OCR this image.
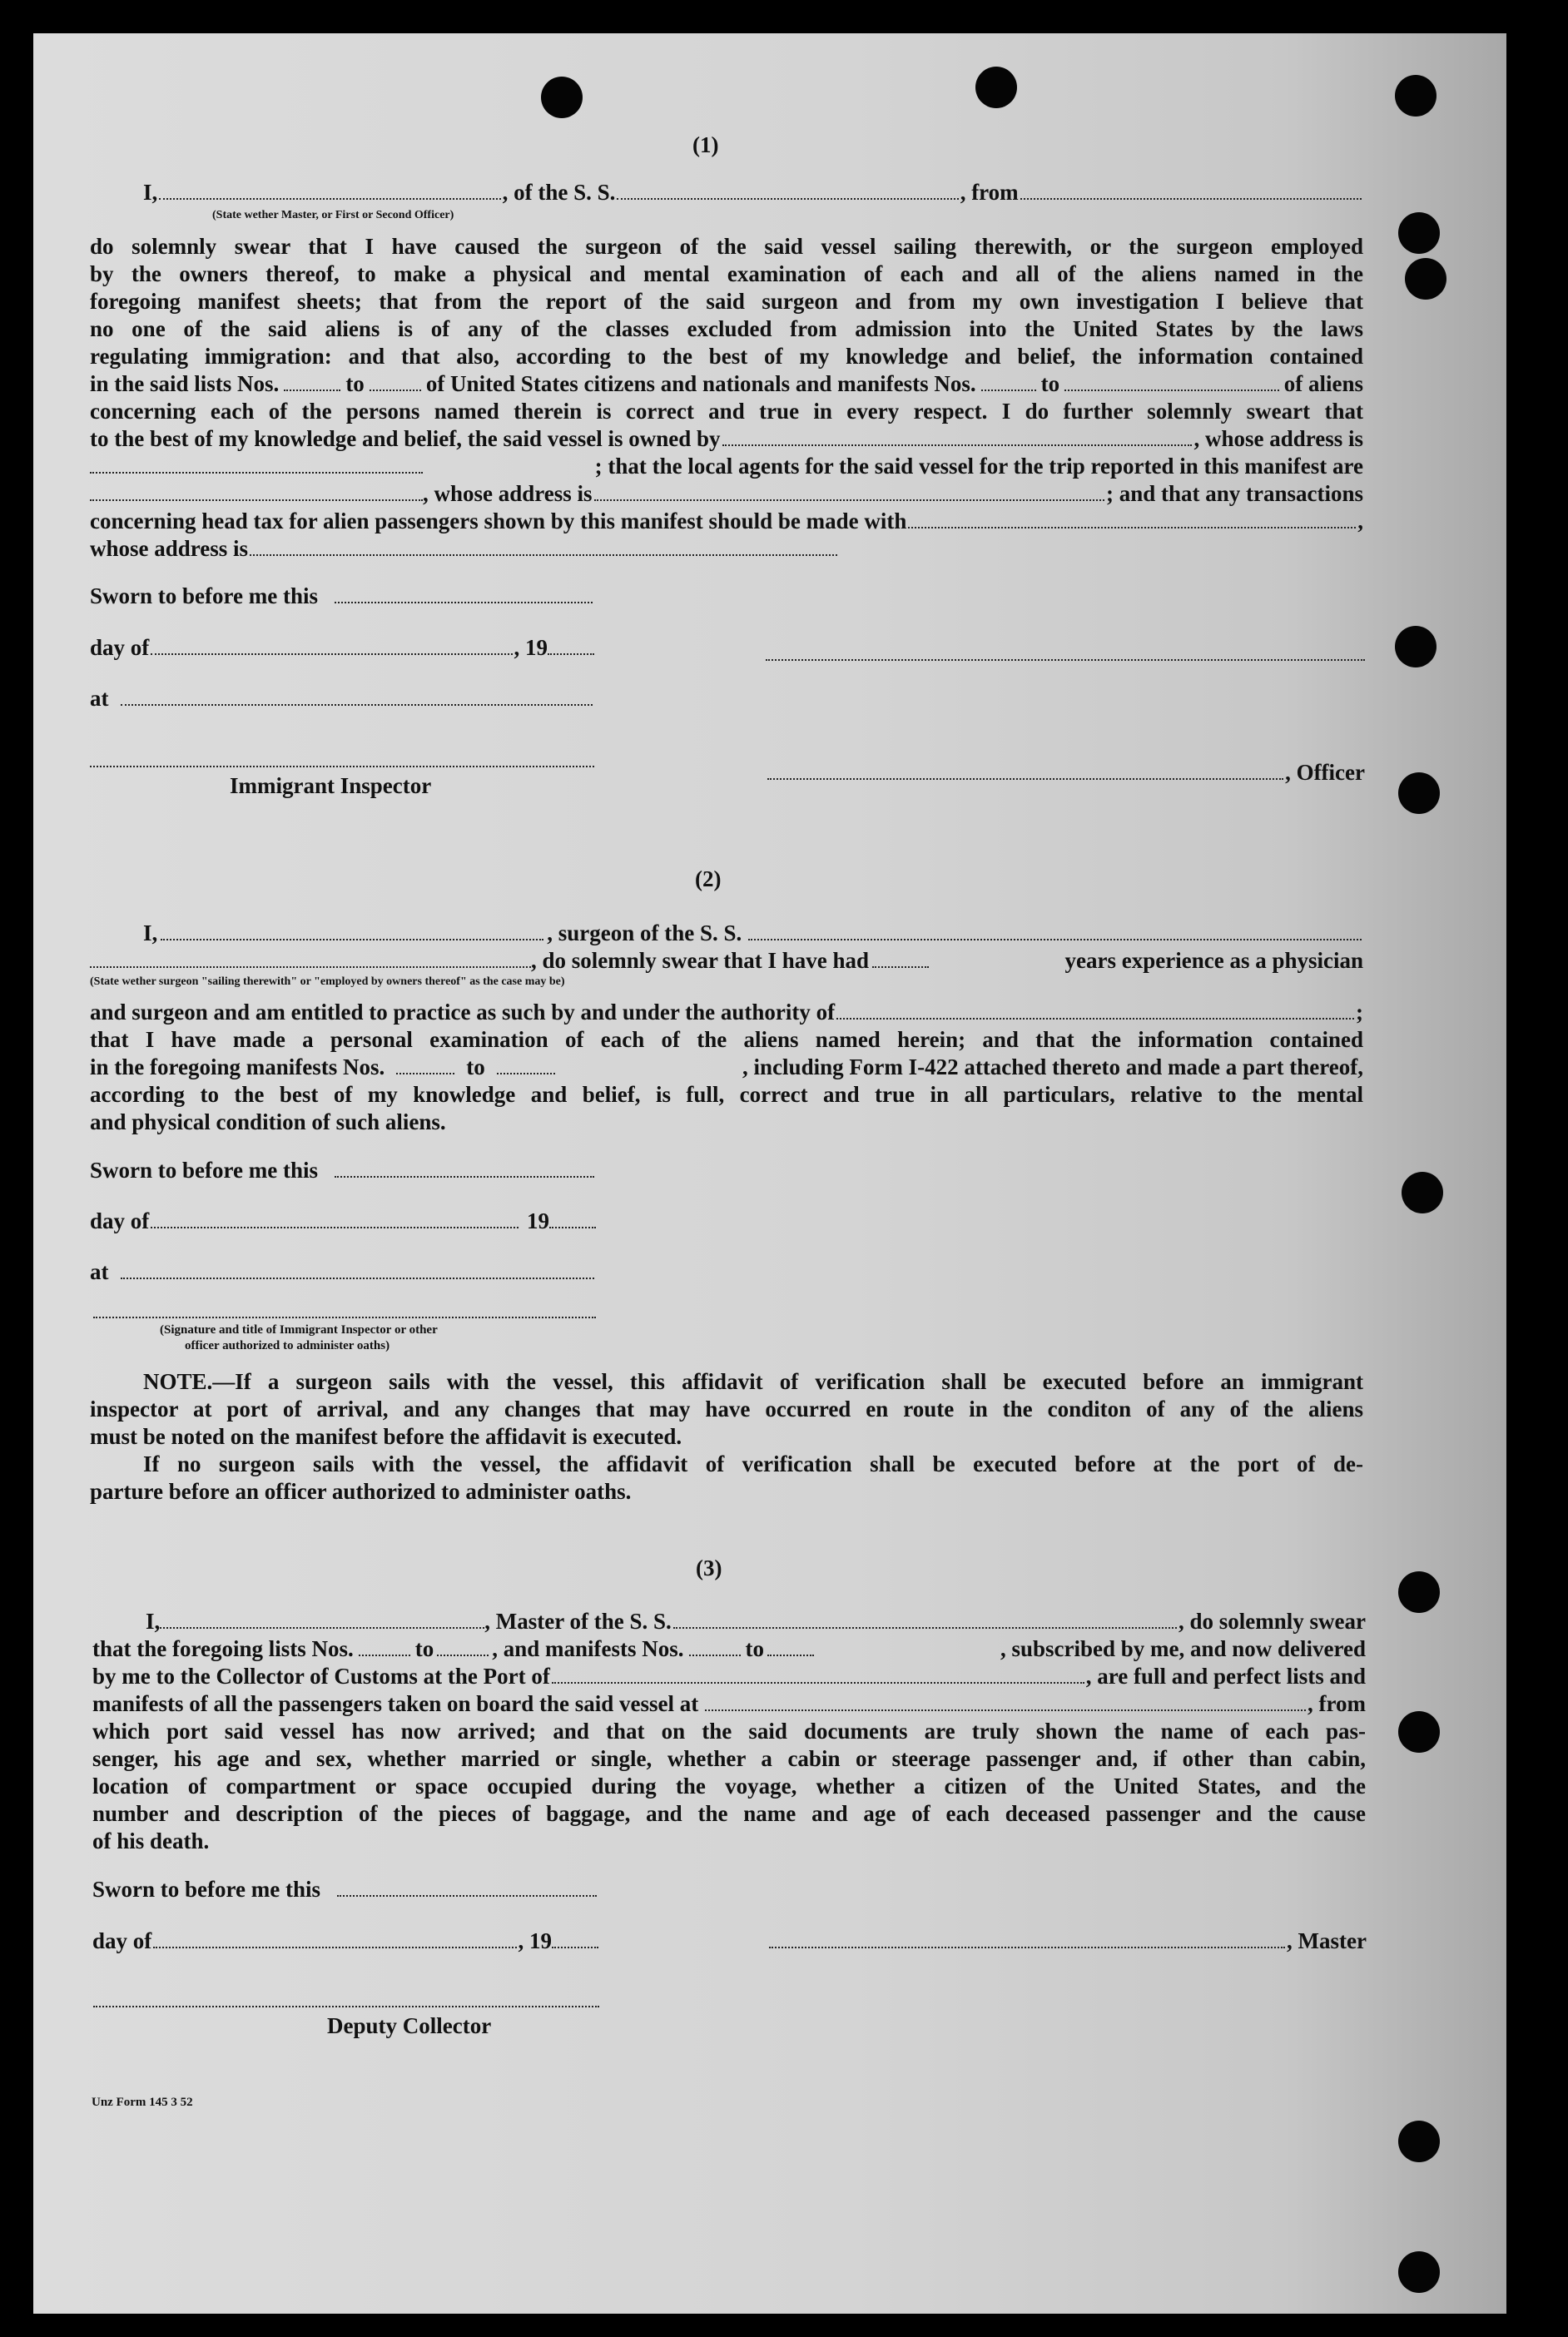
(1)
I,	, of the S. S.	, from
(State wether Master, or First or Second Officer)
do solemnly swear that I have caused the surgeon of the said vessel sailing therewith, or the surgeon employed
by the owners thereof, to make a physical and mental examination of each and all of the aliens named in the
foregoing manifest sheets; that from the report of the said surgeon and from my own investigation I believe that
no one of the said aliens is of any of the classes excluded from admission into the United States by the laws
regulating immigration: and that also, according to the best of my knowledge and belief, the information contained
in the said lists Nos.	to	of United States citizens and nationals and manifests Nos.	to	of aliens
concerning each of the persons named therein is correct and true in every respect. I do further solemnly sweart that
to the best of my knowledge and belief, the said vessel is owned by	, whose address is
; that the local agents for the said vessel for the trip reported in this manifest are
, whose address is	; and that any transactions
concerning head tax for alien passengers shown by this manifest should be made with	,
whose address is
Sworn to before me this
day of	, 19
at
Immigrant Inspector
, Officer
(2)
I,	, surgeon of the S. S.
, do solemnly swear that I have had	years experience as a physician
(State wether surgeon "sailing therewith" or "employed by owners thereof" as the case may be)
and surgeon and am entitled to practice as such by and under the authority of	;
that I have made a personal examination of each of the aliens named herein; and that the information contained
in the foregoing manifests Nos.	to	, including Form I-422 attached thereto and made a part thereof,
according to the best of my knowledge and belief, is full, correct and true in all particulars, relative to the mental
and physical condition of such aliens.
Sworn to before me this
day of	19
at
(Signature and title of Immigrant Inspector or other
officer authorized to administer oaths)
NOTE.—If a surgeon sails with the vessel, this affidavit of verification shall be executed before an immigrant
inspector at port of arrival, and any changes that may have occurred en route in the conditon of any of the aliens
must be noted on the manifest before the affidavit is executed.
If no surgeon sails with the vessel, the affidavit of verification shall be executed before at the port of de-
parture before an officer authorized to administer oaths.
(3)
I,	, Master of the S. S.	, do solemnly swear
that the foregoing lists Nos.	to	, and manifests Nos.	to	, subscribed by me, and now delivered
by me to the Collector of Customs at the Port of	, are full and perfect lists and
manifests of all the passengers taken on board the said vessel at	, from
which port said vessel has now arrived; and that on the said documents are truly shown the name of each pas-
senger, his age and sex, whether married or single, whether a cabin or steerage passenger and, if other than cabin,
location of compartment or space occupied during the voyage, whether a citizen of the United States, and the
number and description of the pieces of baggage, and the name and age of each deceased passenger and the cause
of his death.
Sworn to before me this
day of	, 19	, Master
Deputy Collector
Unz Form 145 3 52
